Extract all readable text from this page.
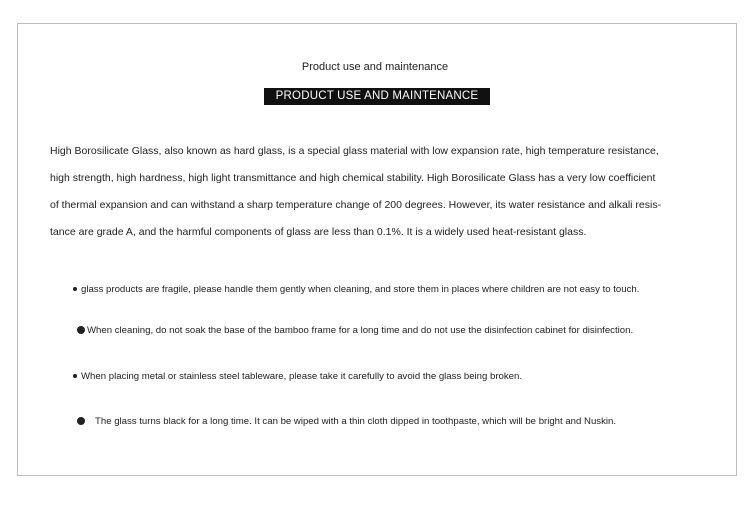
Product use and maintenance
PRODUCT USE AND MAINTENANCE
High Borosilicate Glass, also known as hard glass, is a special glass material with low expansion rate, high temperature resistance,
high strength, high hardness, high light transmittance and high chemical stability. High Borosilicate Glass has a very low coefficient
of thermal expansion and can withstand a sharp temperature change of 200 degrees. However, its water resistance and alkali resis-
tance are grade A, and the harmful components of glass are less than 0.1%. It is a widely used heat-resistant glass.
glass products are fragile, please handle them gently when cleaning, and store them in places where children are not easy to touch.
When cleaning, do not soak the base of the bamboo frame for a long time and do not use the disinfection cabinet for disinfection.
When placing metal or stainless steel tableware, please take it carefully to avoid the glass being broken.
The glass turns black for a long time. It can be wiped with a thin cloth dipped in toothpaste, which will be bright and Nuskin.
